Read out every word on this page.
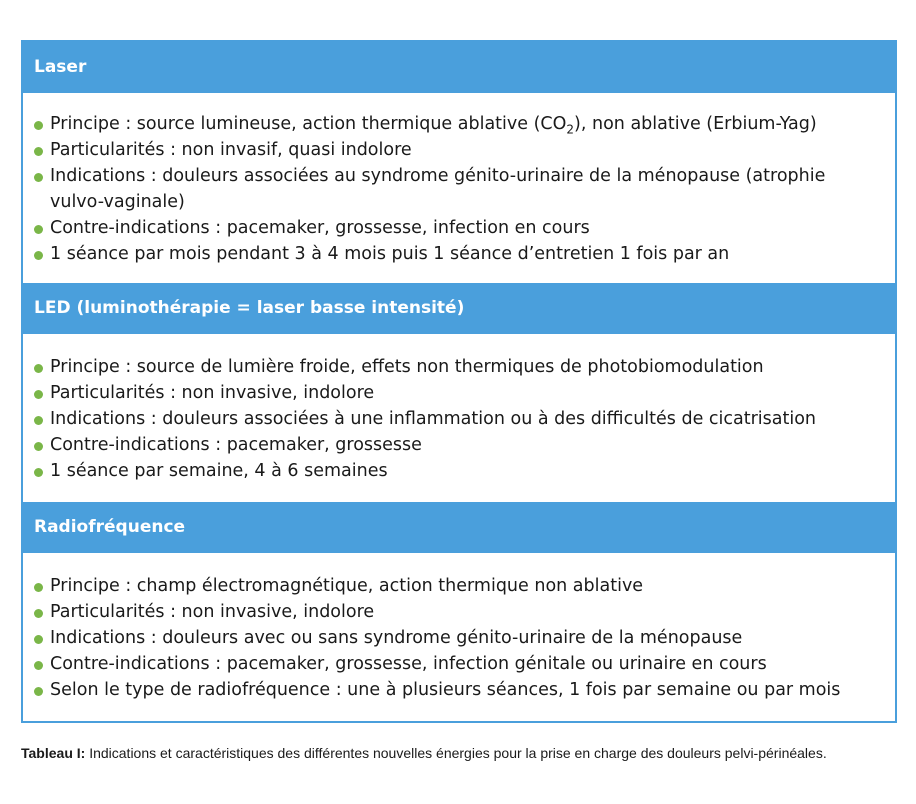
Laser
Principe : source lumineuse, action thermique ablative $(CO_2)$, non ablative (Erbium-Yag)
Particularités : non invasif, quasi indolore
Indications : douleurs associées au syndrome génito-urinaire de la ménopause (atrophie vulvo-vaginale)
Contre-indications : pacemaker, grossesse, infection en cours
1 séance par mois pendant 3 à 4 mois puis 1 séance d’entretien 1 fois par an
LED (luminothérapie = laser basse intensité)
Principe : source de lumière froide, effets non thermiques de photobiomodulation
Particularités : non invasive, indolore
Indications : douleurs associées à une inflammation ou à des difficultés de cicatrisation
Contre-indications : pacemaker, grossesse
1 séance par semaine, 4 à 6 semaines
Radiofréquence
Principe : champ électromagnétique, action thermique non ablative
Particularités : non invasive, indolore
Indications : douleurs avec ou sans syndrome génito-urinaire de la ménopause
Contre-indications : pacemaker, grossesse, infection génitale ou urinaire en cours
Selon le type de radiofréquence : une à plusieurs séances, 1 fois par semaine ou par mois
Tableau I: Indications et caractéristiques des différentes nouvelles énergies pour la prise en charge des douleurs pelvi-périnéales.
